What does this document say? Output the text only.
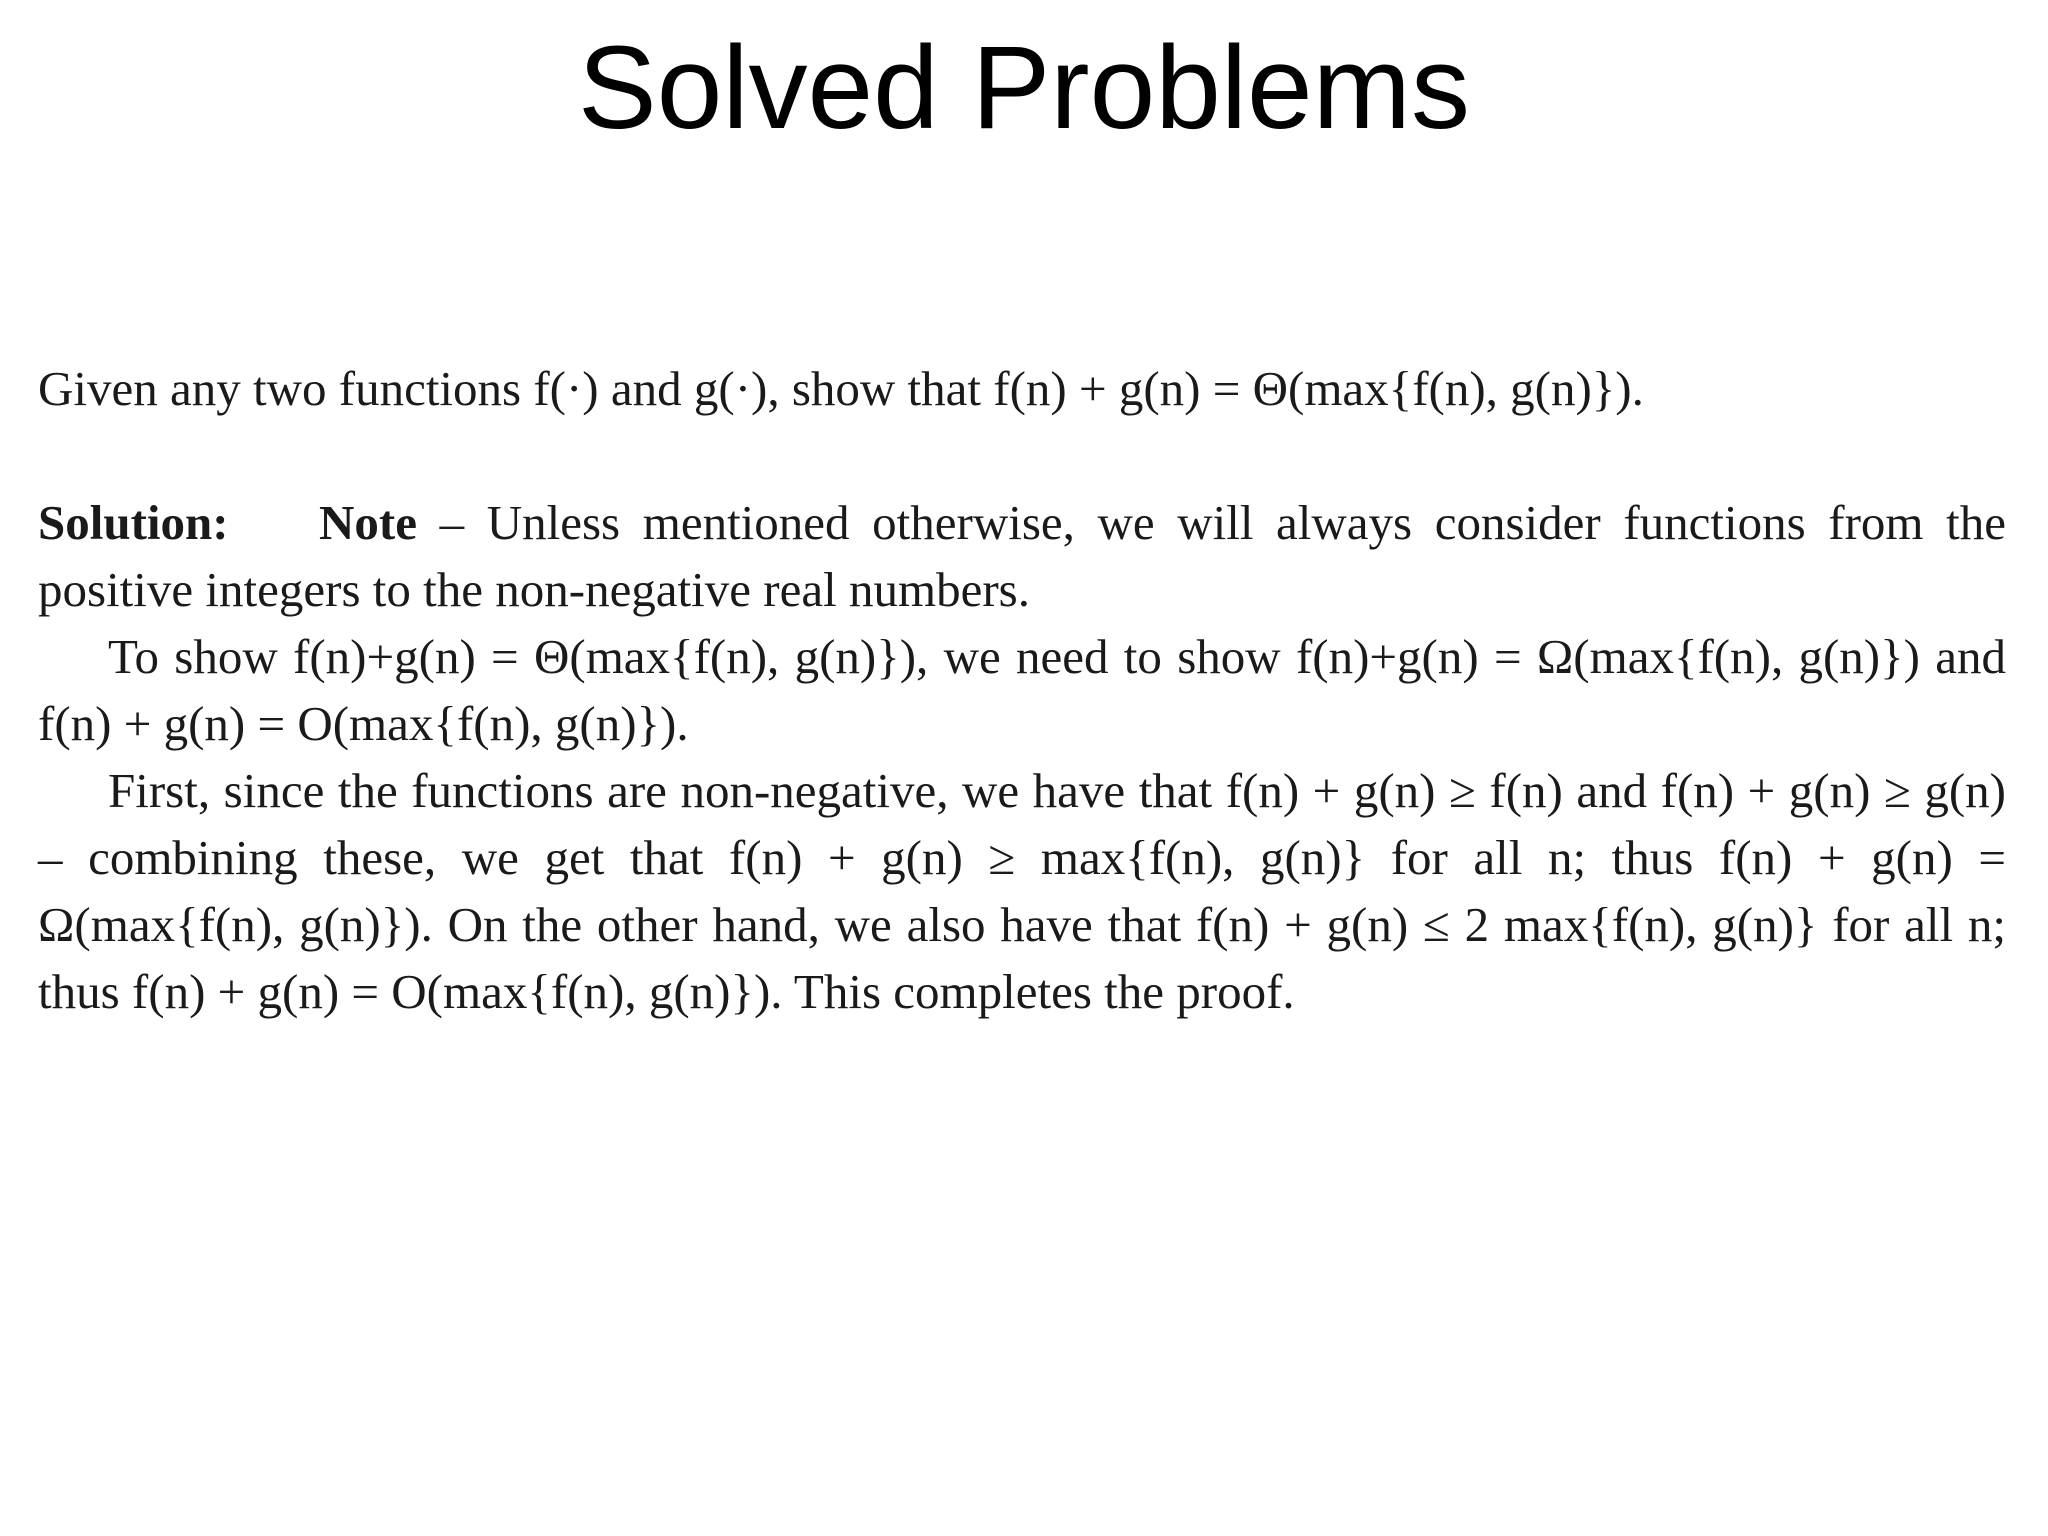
Solved Problems

Given any two functions f(·) and g(·), show that f(n) + g(n) = Θ(max{f(n), g(n)}).

Solution: Note – Unless mentioned otherwise, we will always consider functions from the positive integers to the non-negative real numbers.

To show f(n)+g(n) = Θ(max{f(n), g(n)}), we need to show f(n)+g(n) = Ω(max{f(n), g(n)}) and f(n) + g(n) = O(max{f(n), g(n)}).

First, since the functions are non-negative, we have that f(n) + g(n) ≥ f(n) and f(n) + g(n) ≥ g(n) – combining these, we get that f(n) + g(n) ≥ max{f(n), g(n)} for all n; thus f(n) + g(n) = Ω(max{f(n), g(n)}). On the other hand, we also have that f(n) + g(n) ≤ 2 max{f(n), g(n)} for all n; thus f(n) + g(n) = O(max{f(n), g(n)}). This completes the proof.
